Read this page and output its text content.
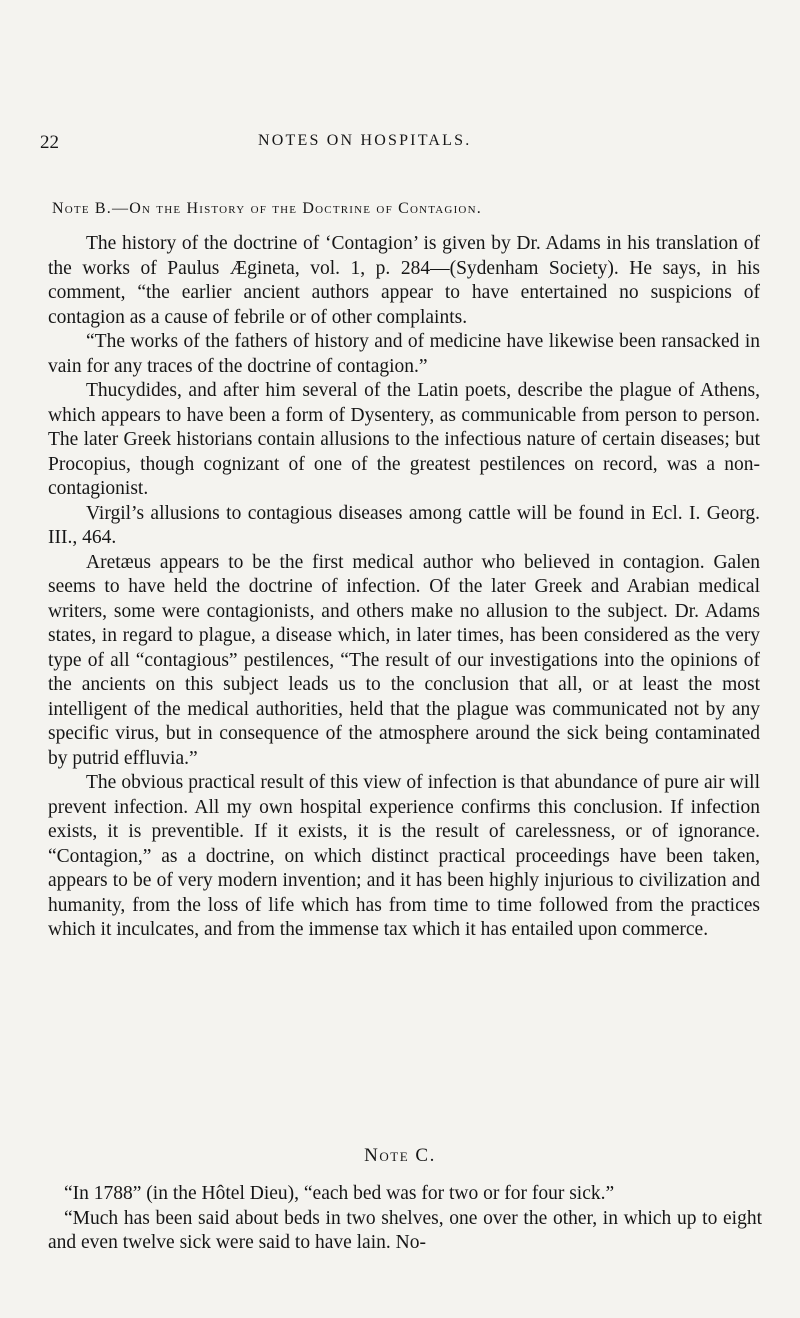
22	NOTES ON HOSPITALS.
Note B.—On the History of the Doctrine of Contagion.

The history of the doctrine of ‘Contagion’ is given by Dr. Adams in his translation of the works of Paulus Ægineta, vol. 1, p. 284—(Sydenham Society). He says, in his comment, “the earlier ancient authors appear to have entertained no suspicions of contagion as a cause of febrile or of other complaints.

“The works of the fathers of history and of medicine have likewise been ransacked in vain for any traces of the doctrine of contagion.”

Thucydides, and after him several of the Latin poets, describe the plague of Athens, which appears to have been a form of Dysentery, as communicable from person to person. The later Greek historians contain allusions to the infectious nature of certain diseases; but Procopius, though cognizant of one of the greatest pestilences on record, was a non-contagionist.

Virgil’s allusions to contagious diseases among cattle will be found in Ecl. I. Georg. III., 464.

Aretæus appears to be the first medical author who believed in contagion. Galen seems to have held the doctrine of infection. Of the later Greek and Arabian medical writers, some were contagionists, and others make no allusion to the subject. Dr. Adams states, in regard to plague, a disease which, in later times, has been considered as the very type of all “contagious” pestilences, “The result of our investigations into the opinions of the ancients on this subject leads us to the conclusion that all, or at least the most intelligent of the medical authorities, held that the plague was communicated not by any specific virus, but in consequence of the atmosphere around the sick being contaminated by putrid effluvia.”

The obvious practical result of this view of infection is that abundance of pure air will prevent infection. All my own hospital experience confirms this conclusion. If infection exists, it is preventible. If it exists, it is the result of carelessness, or of ignorance. “Contagion,” as a doctrine, on which distinct practical proceedings have been taken, appears to be of very modern invention; and it has been highly injurious to civilization and humanity, from the loss of life which has from time to time followed from the practices which it inculcates, and from the immense tax which it has entailed upon commerce.

Note C.

“In 1788” (in the Hôtel Dieu), “each bed was for two or for four sick.”

“Much has been said about beds in two shelves, one over the other, in which up to eight and even twelve sick were said to have lain. No-
